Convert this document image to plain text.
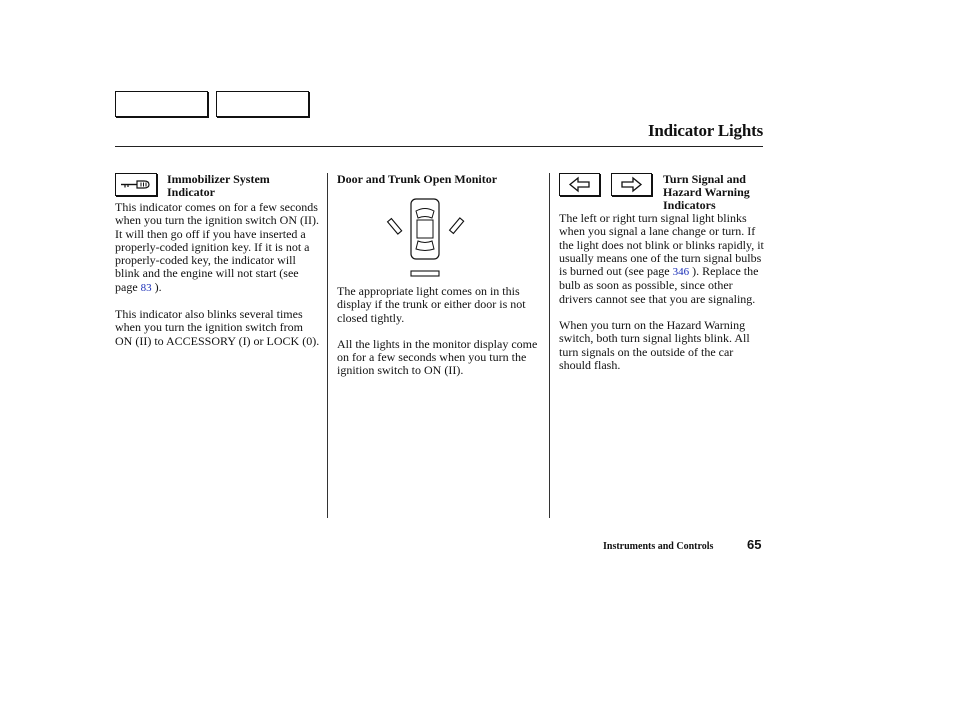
Indicator Lights
Immobilizer System
Indicator

This indicator comes on for a few seconds when you turn the ignition switch ON (II). It will then go off if you have inserted a properly-coded ignition key. If it is not a properly-coded key, the indicator will blink and the engine will not start (see page 83 ).

This indicator also blinks several times when you turn the ignition switch from ON (II) to ACCESSORY (I) or LOCK (0).

Door and Trunk Open Monitor

The appropriate light comes on in this display if the trunk or either door is not closed tightly.

All the lights in the monitor display come on for a few seconds when you turn the ignition switch to ON (II).

Turn Signal and
Hazard Warning
Indicators

The left or right turn signal light blinks when you signal a lane change or turn. If the light does not blink or blinks rapidly, it usually means one of the turn signal bulbs is burned out (see page 346 ). Replace the bulb as soon as possible, since other drivers cannot see that you are signaling.

When you turn on the Hazard Warning switch, both turn signal lights blink. All turn signals on the outside of the car should flash.

Instruments and Controls	65
